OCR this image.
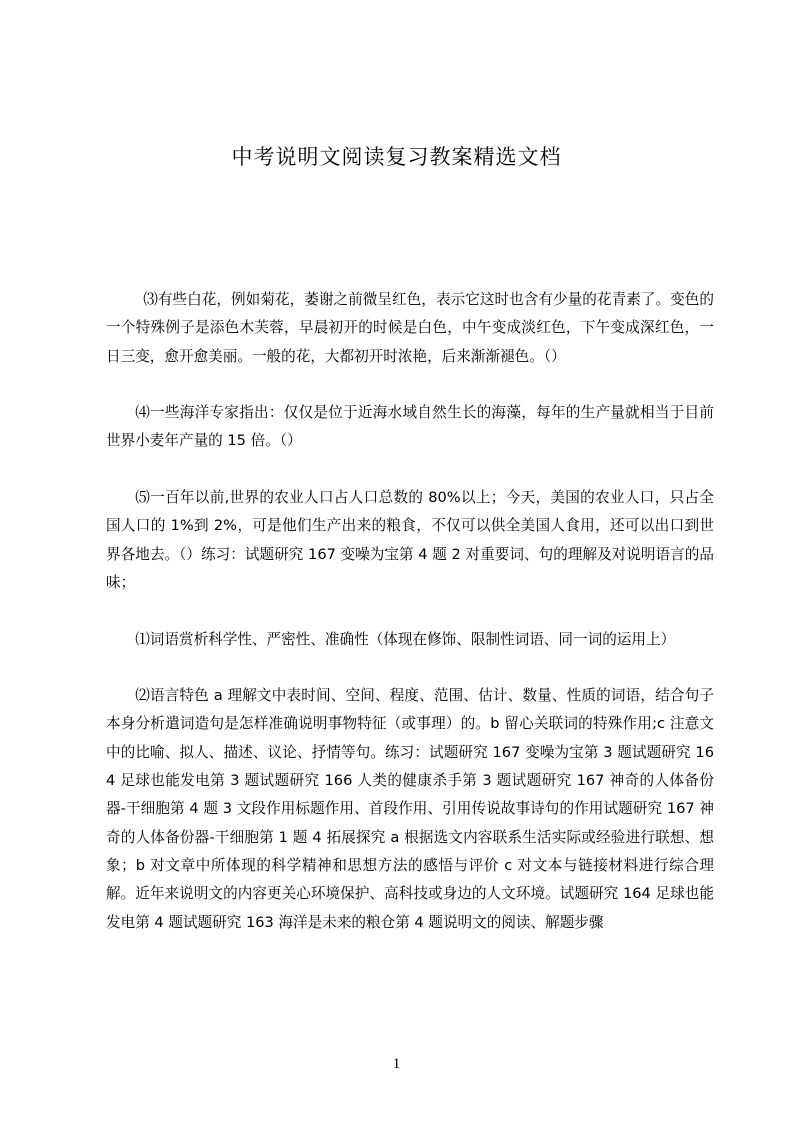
中考说明文阅读复习教案精选文档

⑶有些白花，例如菊花，萎谢之前微呈红色，表示它这时也含有少量的花青素了。变色的一个特殊例子是添色木芙蓉，早晨初开的时候是白色，中午变成淡红色，下午变成深红色，一日三变，愈开愈美丽。一般的花，大都初开时浓艳，后来渐渐褪色。（）

⑷一些海洋专家指出：仅仅是位于近海水域自然生长的海藻，每年的生产量就相当于目前世界小麦年产量的 15 倍。（）

⑸一百年以前,世界的农业人口占人口总数的 80%以上；今天，美国的农业人口，只占全国人口的 1%到 2%，可是他们生产出来的粮食，不仅可以供全美国人食用，还可以出口到世界各地去。（）练习：试题研究 167 变噪为宝第 4 题 2 对重要词、句的理解及对说明语言的品味；

⑴词语赏析科学性、严密性、准确性（体现在修饰、限制性词语、同一词的运用上）

⑵语言特色 a 理解文中表时间、空间、程度、范围、估计、数量、性质的词语，结合句子本身分析遣词造句是怎样准确说明事物特征（或事理）的。b 留心关联词的特殊作用;c 注意文中的比喻、拟人、描述、议论、抒情等句。练习：试题研究 167 变噪为宝第 3 题试题研究 164 足球也能发电第 3 题试题研究 166 人类的健康杀手第 3 题试题研究 167 神奇的人体备份器-干细胞第 4 题 3 文段作用标题作用、首段作用、引用传说故事诗句的作用试题研究 167 神奇的人体备份器-干细胞第 1 题 4 拓展探究 a 根据选文内容联系生活实际或经验进行联想、想象；b 对文章中所体现的科学精神和思想方法的感悟与评价 c 对文本与链接材料进行综合理解。近年来说明文的内容更关心环境保护、高科技或身边的人文环境。试题研究 164 足球也能发电第 4 题试题研究 163 海洋是未来的粮仓第 4 题说明文的阅读、解题步骤

1
